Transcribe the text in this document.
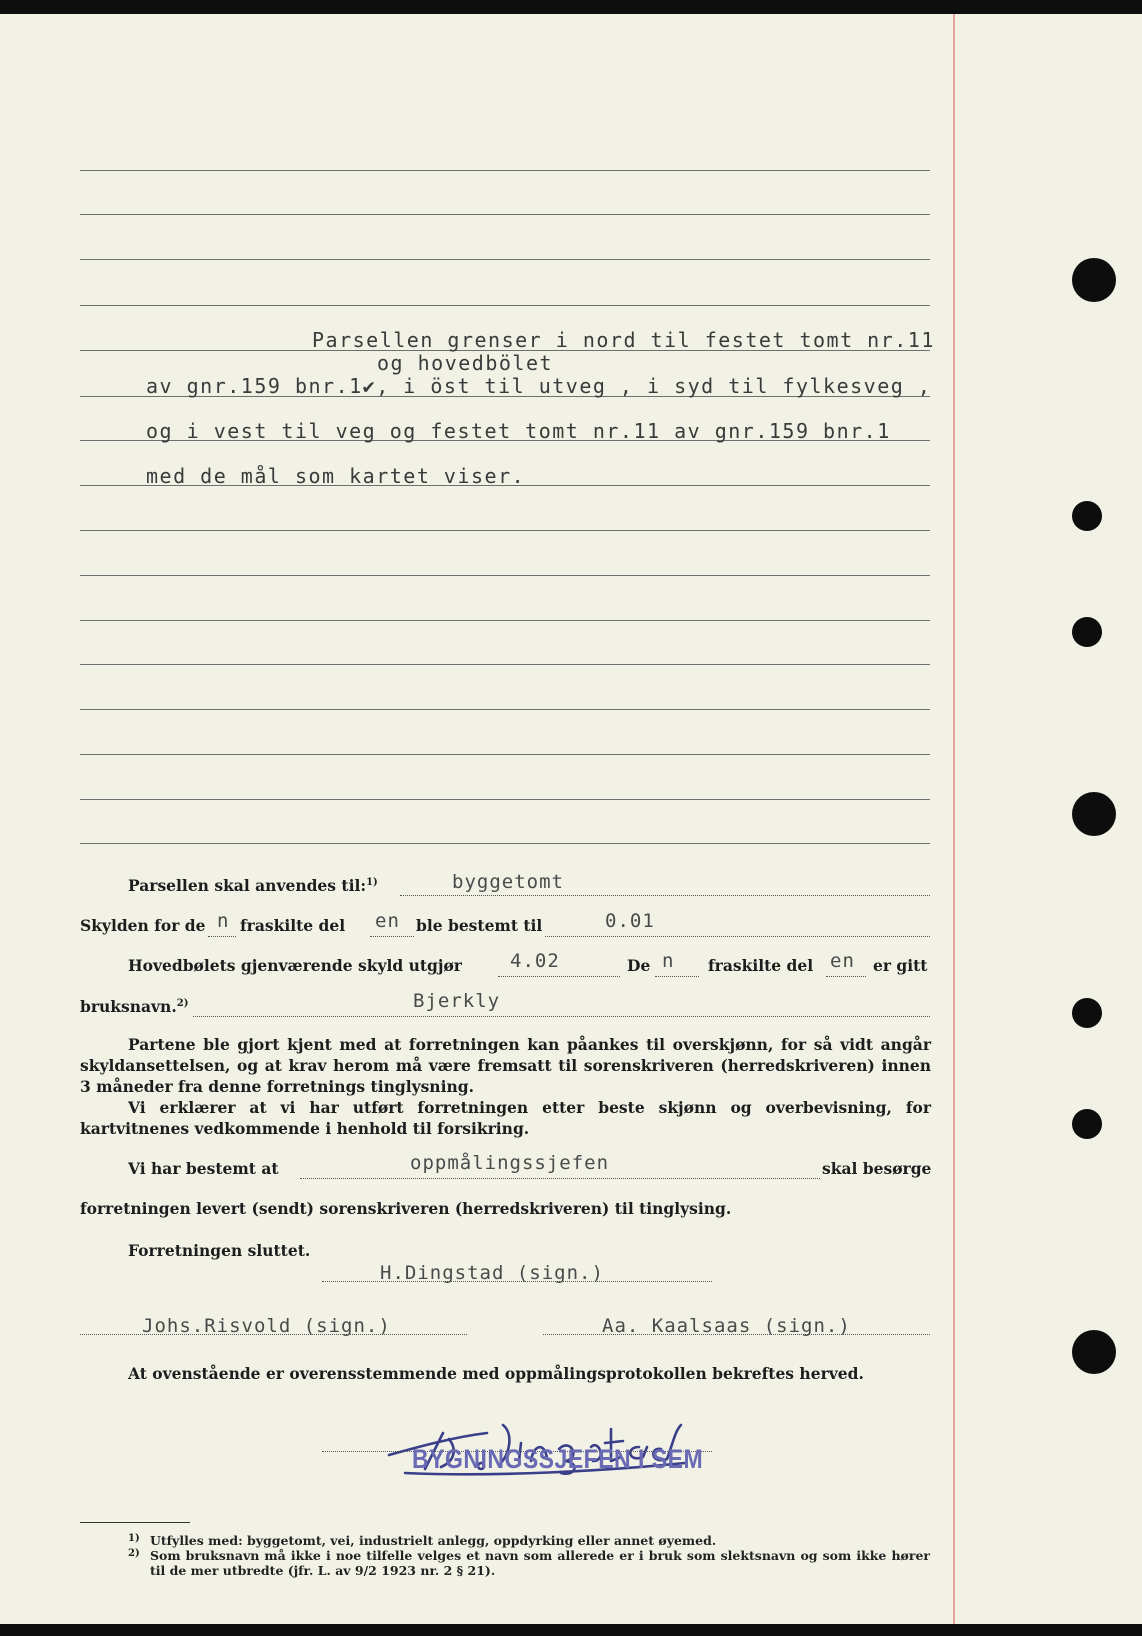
Parsellen grenser i nord til festet tomt nr.11
og hovedbölet
av gnr.159 bnr.1✔, i öst til utveg , i syd til fylkesveg ,
og i vest til veg og festet tomt nr.11 av gnr.159 bnr.1
med de mål som kartet viser.
Parsellen skal anvendes til:$^{1)}$	byggetomt
Skylden for de n fraskilte del en ble bestemt til	0.01
Hovedbølets gjenværende skyld utgjør	4.02	De n fraskilte del en er gitt
bruksnavn.$^{2)}$	Bjerkly
Partene ble gjort kjent med at forretningen kan påankes til overskjønn, for så vidt angår skyldansettelsen, og at krav herom må være fremsatt til sorenskriveren (herredskriveren) innen 3 måneder fra denne forretnings tinglysning.
Vi erklærer at vi har utført forretningen etter beste skjønn og overbevisning, for kartvitnenes vedkommende i henhold til forsikring.
Vi har bestemt at	oppmålingssjefen	skal besørge
forretningen levert (sendt) sorenskriveren (herredskriveren) til tinglysing.
Forretningen sluttet.
H.Dingstad (sign.)
Johs.Risvold (sign.)	Aa. Kaalsaas (sign.)
At ovenstående er overensstemmende med oppmålingsprotokollen bekreftes herved.
BYGNINGSSJEFEN I SEM
1) Utfylles med: byggetomt, vei, industrielt anlegg, oppdyrking eller annet øyemed.
2) Som bruksnavn må ikke i noe tilfelle velges et navn som allerede er i bruk som slektsnavn og som ikke hører til de mer utbredte (jfr. L. av 9/2 1923 nr. 2 § 21).
